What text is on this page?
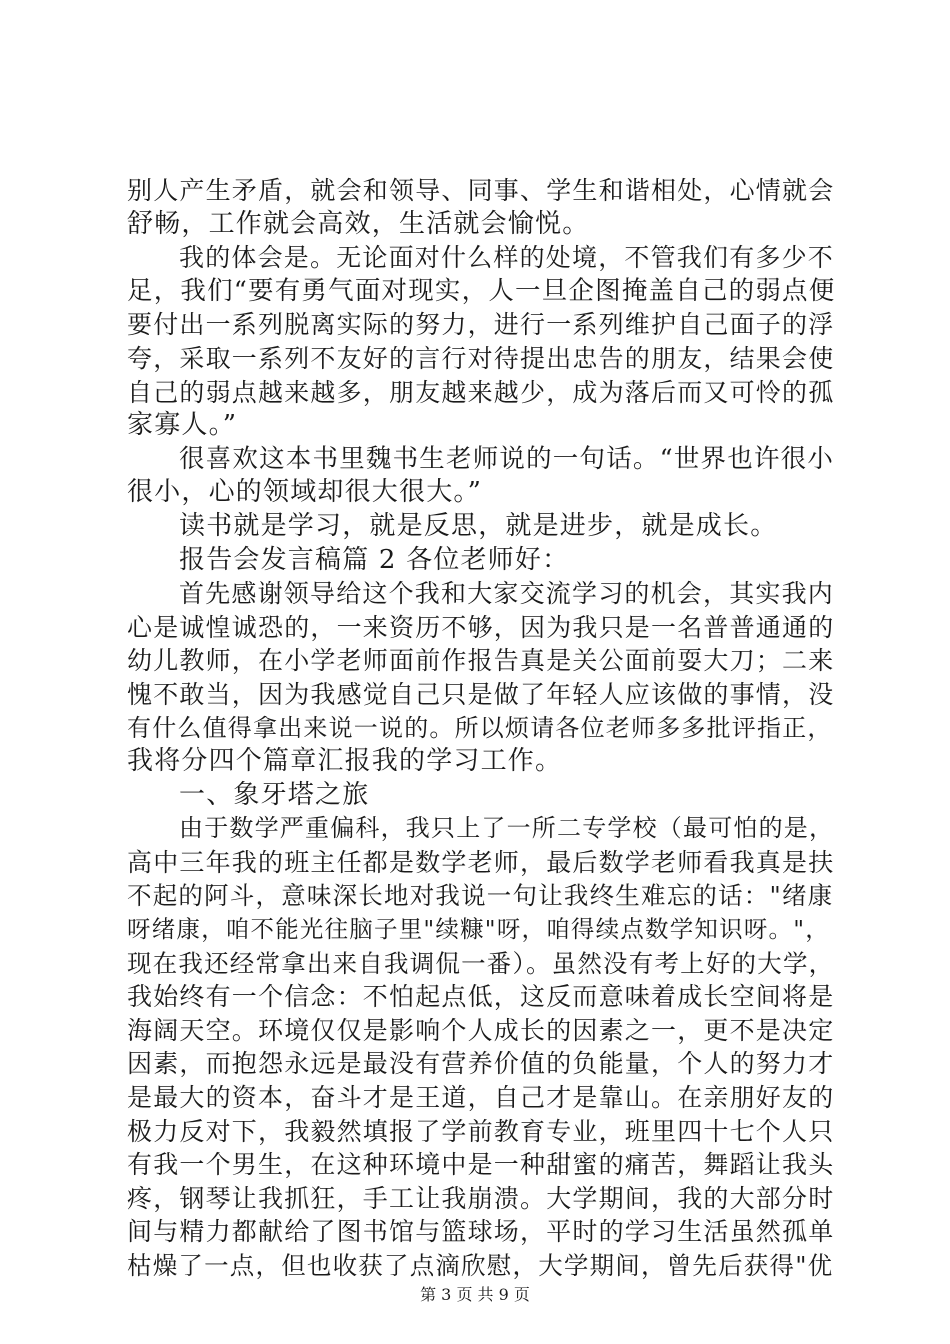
别人产生矛盾，就会和领导、同事、学生和谐相处，心情就会
舒畅，工作就会高效，生活就会愉悦。
我的体会是。无论面对什么样的处境，不管我们有多少不
足，我们“要有勇气面对现实，人一旦企图掩盖自己的弱点便
要付出一系列脱离实际的努力，进行一系列维护自己面子的浮
夸，采取一系列不友好的言行对待提出忠告的朋友，结果会使
自己的弱点越来越多，朋友越来越少，成为落后而又可怜的孤
家寡人。”
很喜欢这本书里魏书生老师说的一句话。“世界也许很小
很小，心的领域却很大很大。”
读书就是学习，就是反思，就是进步，就是成长。
报告会发言稿篇 2 各位老师好：
首先感谢领导给这个我和大家交流学习的机会，其实我内
心是诚惶诚恐的，一来资历不够，因为我只是一名普普通通的
幼儿教师，在小学老师面前作报告真是关公面前耍大刀；二来
愧不敢当，因为我感觉自己只是做了年轻人应该做的事情，没
有什么值得拿出来说一说的。所以烦请各位老师多多批评指正，
我将分四个篇章汇报我的学习工作。
一、象牙塔之旅
由于数学严重偏科，我只上了一所二专学校（最可怕的是，
高中三年我的班主任都是数学老师，最后数学老师看我真是扶
不起的阿斗，意味深长地对我说一句让我终生难忘的话："绪康
呀绪康，咱不能光往脑子里"续糠"呀，咱得续点数学知识呀。"，
现在我还经常拿出来自我调侃一番）。虽然没有考上好的大学，
我始终有一个信念：不怕起点低，这反而意味着成长空间将是
海阔天空。环境仅仅是影响个人成长的因素之一，更不是决定
因素，而抱怨永远是最没有营养价值的负能量，个人的努力才
是最大的资本，奋斗才是王道，自己才是靠山。在亲朋好友的
极力反对下，我毅然填报了学前教育专业，班里四十七个人只
有我一个男生，在这种环境中是一种甜蜜的痛苦，舞蹈让我头
疼，钢琴让我抓狂，手工让我崩溃。大学期间，我的大部分时
间与精力都献给了图书馆与篮球场，平时的学习生活虽然孤单
枯燥了一点，但也收获了点滴欣慰，大学期间，曾先后获得"优
第 3 页 共 9 页
